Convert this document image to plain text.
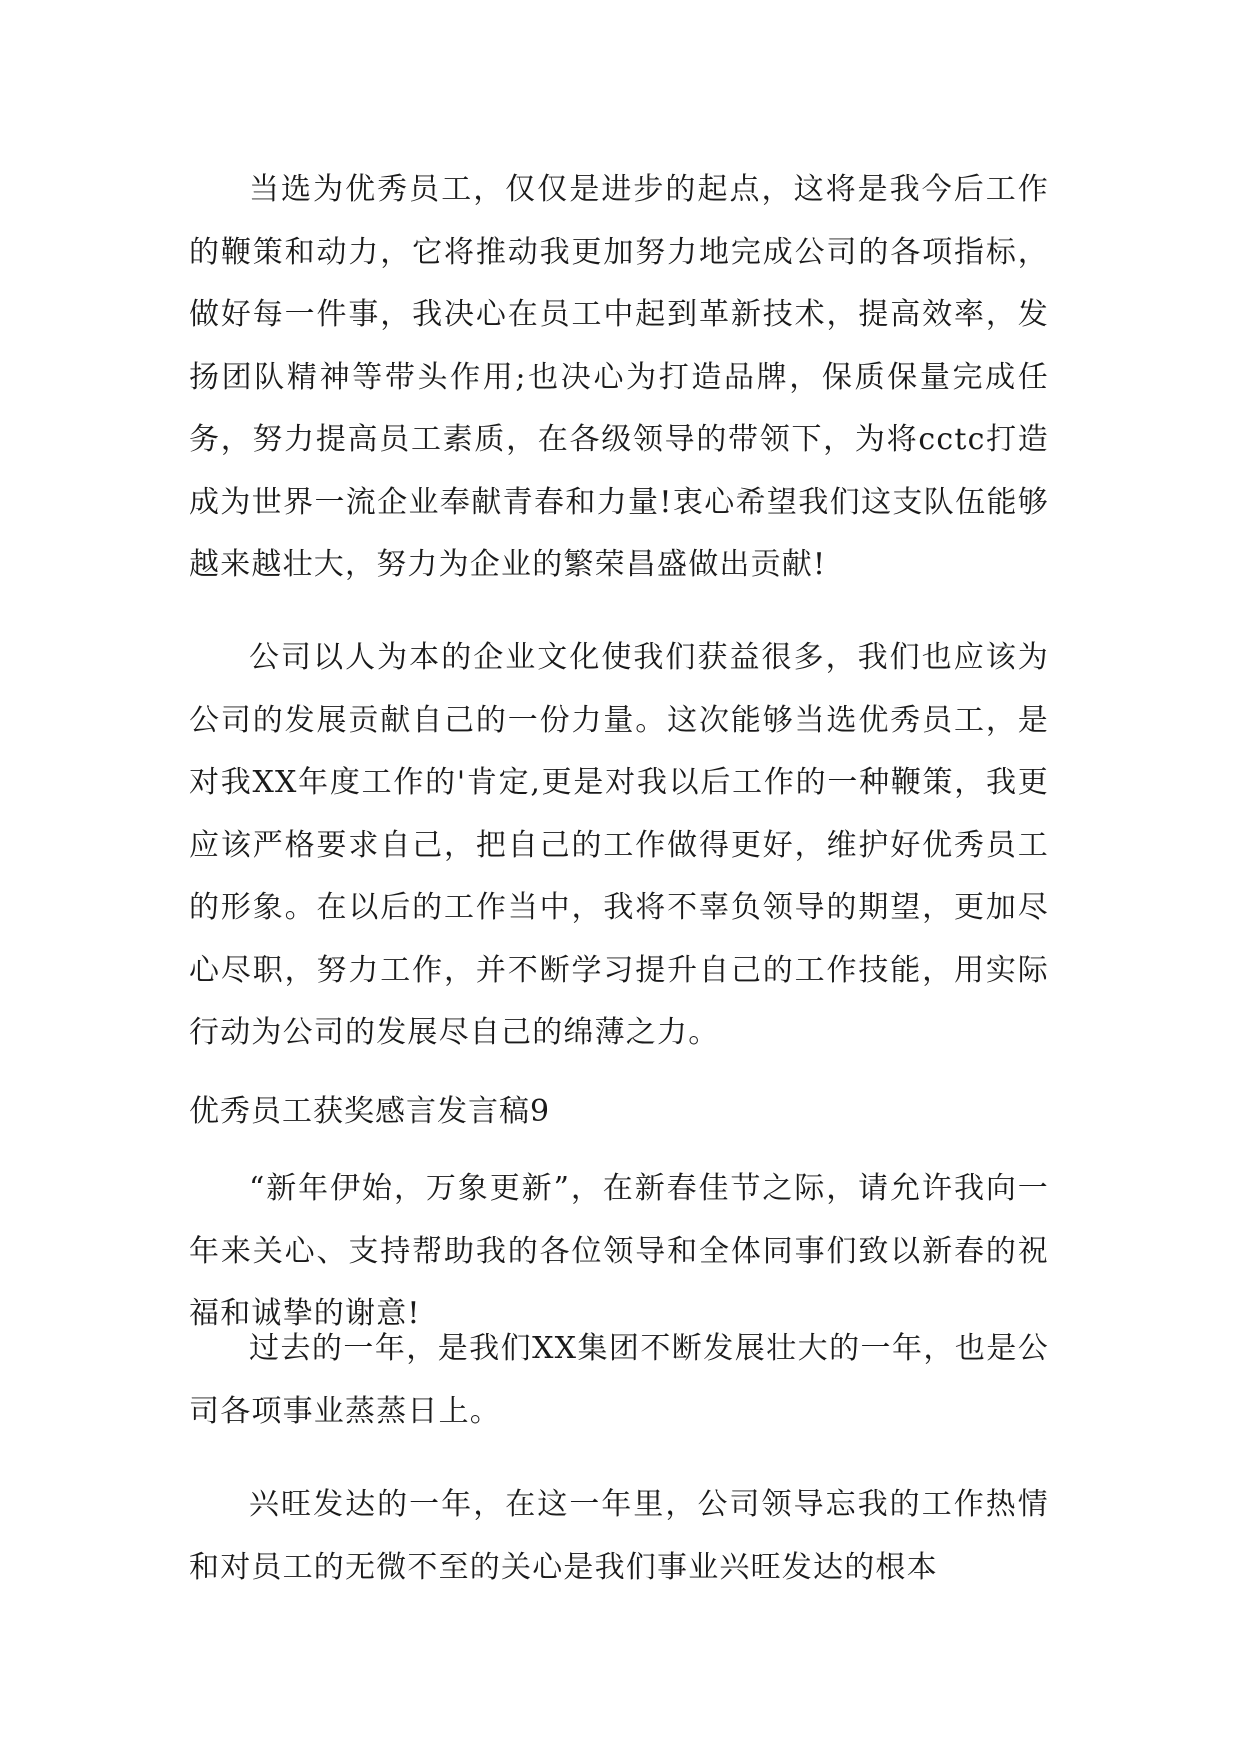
当选为优秀员工，仅仅是进步的起点，这将是我今后工作的鞭策和动力，它将推动我更加努力地完成公司的各项指标，做好每一件事，我决心在员工中起到革新技术，提高效率，发扬团队精神等带头作用;也决心为打造品牌，保质保量完成任务，努力提高员工素质，在各级领导的带领下，为将cctc打造成为世界一流企业奉献青春和力量!衷心希望我们这支队伍能够越来越壮大，努力为企业的繁荣昌盛做出贡献!

公司以人为本的企业文化使我们获益很多，我们也应该为公司的发展贡献自己的一份力量。这次能够当选优秀员工，是对我XX年度工作的'肯定,更是对我以后工作的一种鞭策，我更应该严格要求自己，把自己的工作做得更好，维护好优秀员工的形象。在以后的工作当中，我将不辜负领导的期望，更加尽心尽职，努力工作，并不断学习提升自己的工作技能，用实际行动为公司的发展尽自己的绵薄之力。

优秀员工获奖感言发言稿9

“新年伊始，万象更新”，在新春佳节之际，请允许我向一年来关心、支持帮助我的各位领导和全体同事们致以新春的祝福和诚挚的谢意!

过去的一年，是我们XX集团不断发展壮大的一年，也是公司各项事业蒸蒸日上。

兴旺发达的一年，在这一年里，公司领导忘我的工作热情和对员工的无微不至的关心是我们事业兴旺发达的根本
